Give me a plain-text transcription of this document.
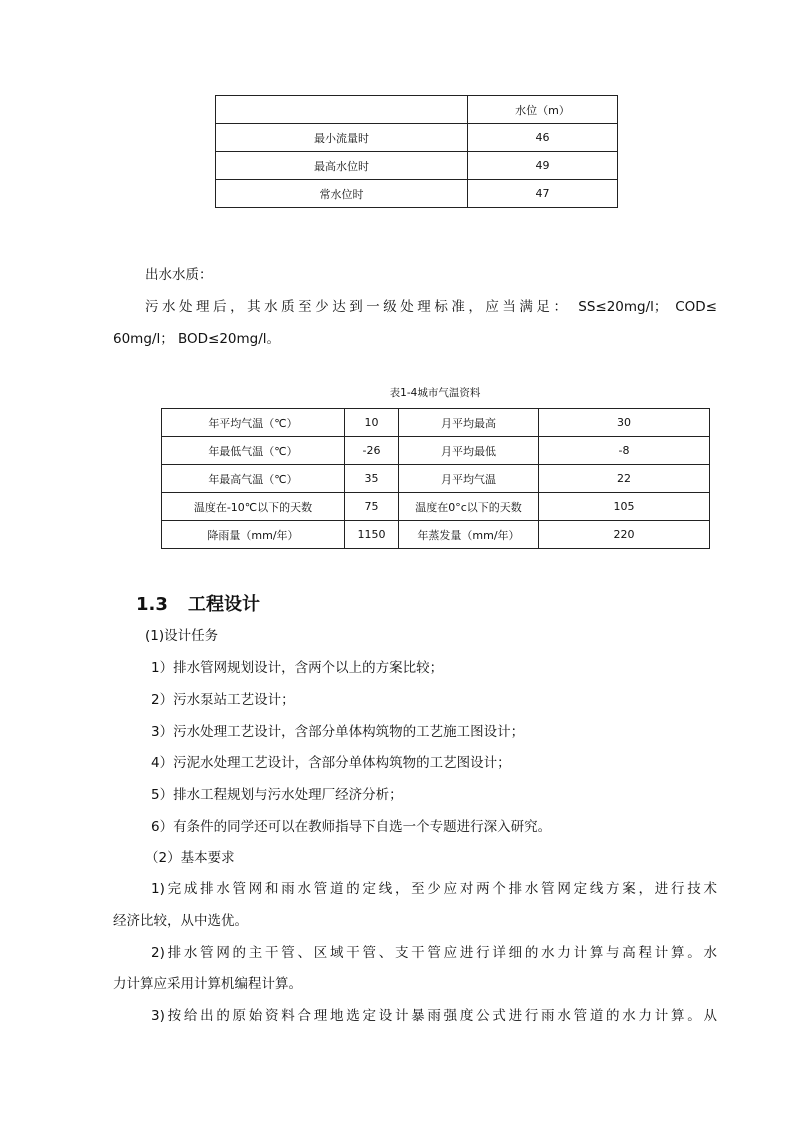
	水位（m）
最小流量时	46
最高水位时	49
常水位时	47
出水水质：
污水处理后，其水质至少达到一级处理标准，应当满足： SS≤20mg/l； COD≤
60mg/l； BOD≤20mg/l。
表1-4城市气温资料
年平均气温（℃）	10	月平均最高	30
年最低气温（℃）	-26	月平均最低	-8
年最高气温（℃）	35	月平均气温	22
温度在-10℃以下的天数	75	温度在0°c以下的天数	105
降雨量（mm/年）	1150	年蒸发量（mm/年）	220
1.3 工程设计
(1)设计任务
1）排水管网规划设计，含两个以上的方案比较；
2）污水泵站工艺设计；
3）污水处理工艺设计，含部分单体构筑物的工艺施工图设计；
4）污泥水处理工艺设计，含部分单体构筑物的工艺图设计；
5）排水工程规划与污水处理厂经济分析；
6）有条件的同学还可以在教师指导下自选一个专题进行深入研究。
（2）基本要求
1)完成排水管网和雨水管道的定线，至少应对两个排水管网定线方案，进行技术
经济比较，从中选优。
2)排水管网的主干管、区域干管、支干管应进行详细的水力计算与高程计算。水
力计算应采用计算机编程计算。
3)按给出的原始资料合理地选定设计暴雨强度公式进行雨水管道的水力计算。从
